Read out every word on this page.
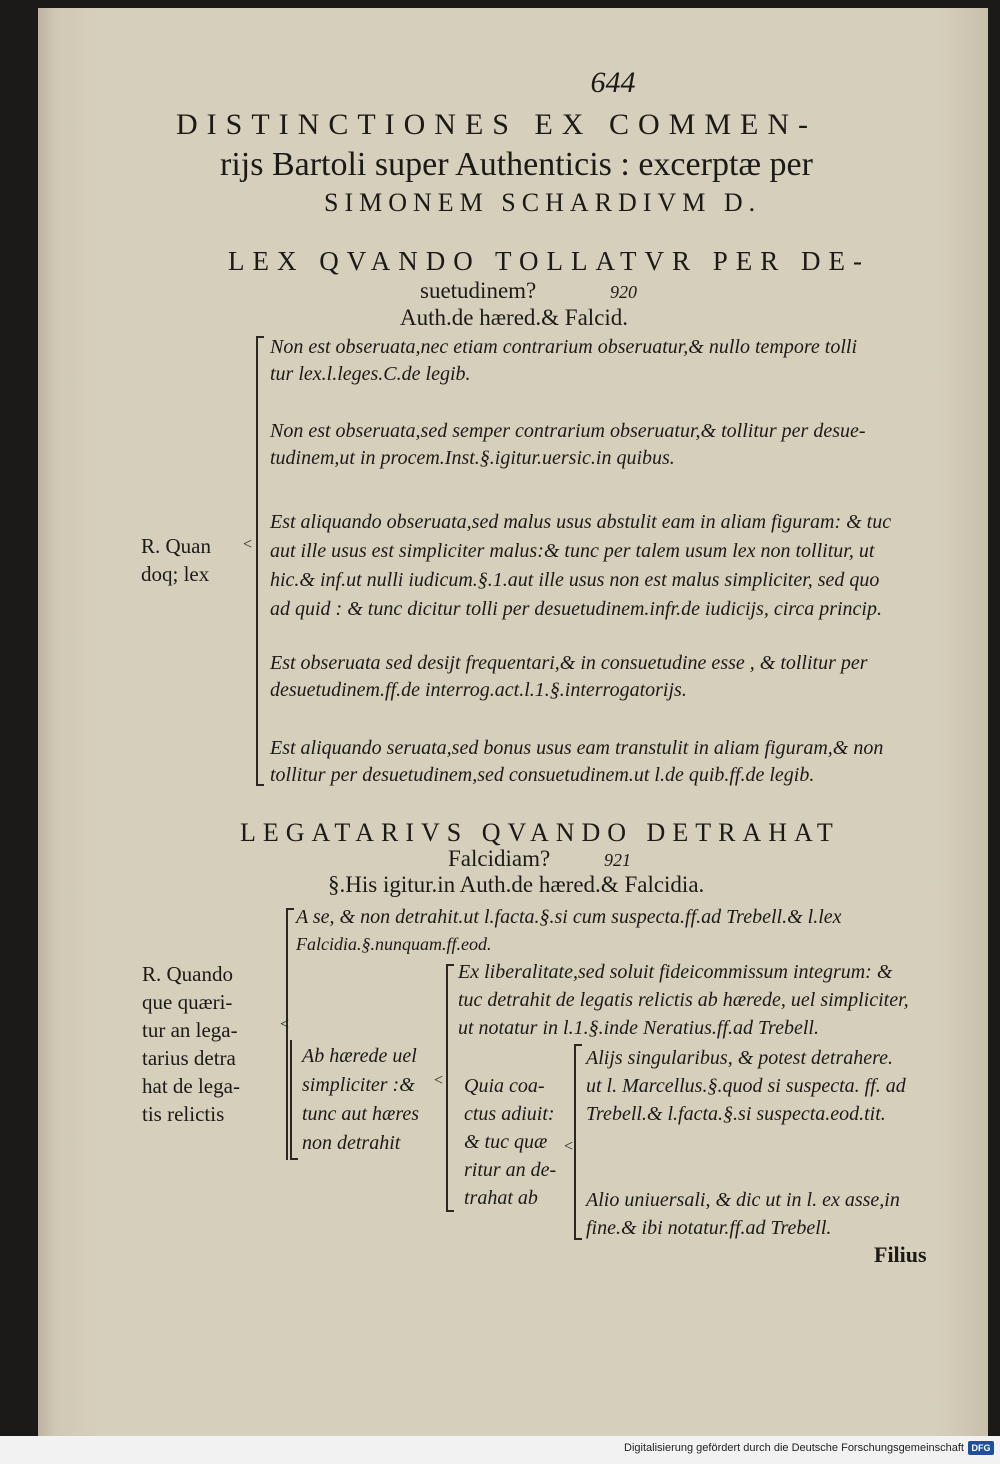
644
DISTINCTIONES EX COMMEN-
rijs Bartoli super Authenticis : excerptæ per
SIMONEM SCHARDIVM D.
LEX QVANDO TOLLATVR PER DE-
suetudinem?	920
Auth.de hæred.& Falcid.
R. Quan
doq; lex
<
Non est obseruata,nec etiam contrarium obseruatur,& nullo tempore tolli
tur lex.l.leges.C.de legib.
Non est obseruata,sed semper contrarium obseruatur,& tollitur per desue-
tudinem,ut in procem.Inst.§.igitur.uersic.in quibus.
Est aliquando obseruata,sed malus usus abstulit eam in aliam figuram: & tuc
aut ille usus est simpliciter malus:& tunc per talem usum lex non tollitur, ut
hic.& inf.ut nulli iudicum.§.1.aut ille usus non est malus simpliciter, sed quo
ad quid : & tunc dicitur tolli per desuetudinem.infr.de iudicijs, circa princip.
Est obseruata sed desijt frequentari,& in consuetudine esse , & tollitur per
desuetudinem.ff.de interrog.act.l.1.§.interrogatorijs.
Est aliquando seruata,sed bonus usus eam transtulit in aliam figuram,& non
tollitur per desuetudinem,sed consuetudinem.ut l.de quib.ff.de legib.
LEGATARIVS QVANDO DETRAHAT
Falcidiam?	921
§.His igitur.in Auth.de hæred.& Falcidia.
R. Quando
que quæri-
tur an lega-
tarius detra
hat de lega-
tis relictis
<
A se, & non detrahit.ut l.facta.§.si cum suspecta.ff.ad Trebell.& l.lex
Falcidia.§.nunquam.ff.eod.
Ab hærede uel
simpliciter :&
tunc aut hæres
non detrahit
<
Ex liberalitate,sed soluit fideicommissum integrum: &
tuc detrahit de legatis relictis ab hærede, uel simpliciter,
ut notatur in l.1.§.inde Neratius.ff.ad Trebell.
Quia coa-
ctus adiuit:
& tuc quæ
ritur an de-
trahat ab
<
Alijs singularibus, & potest detrahere.
ut l. Marcellus.§.quod si suspecta. ff. ad
Trebell.& l.facta.§.si suspecta.eod.tit.
Alio uniuersali, & dic ut in l. ex asse,in
fine.& ibi notatur.ff.ad Trebell.
Filius
Digitalisierung gefördert durch die Deutsche Forschungsgemeinschaft DFG
